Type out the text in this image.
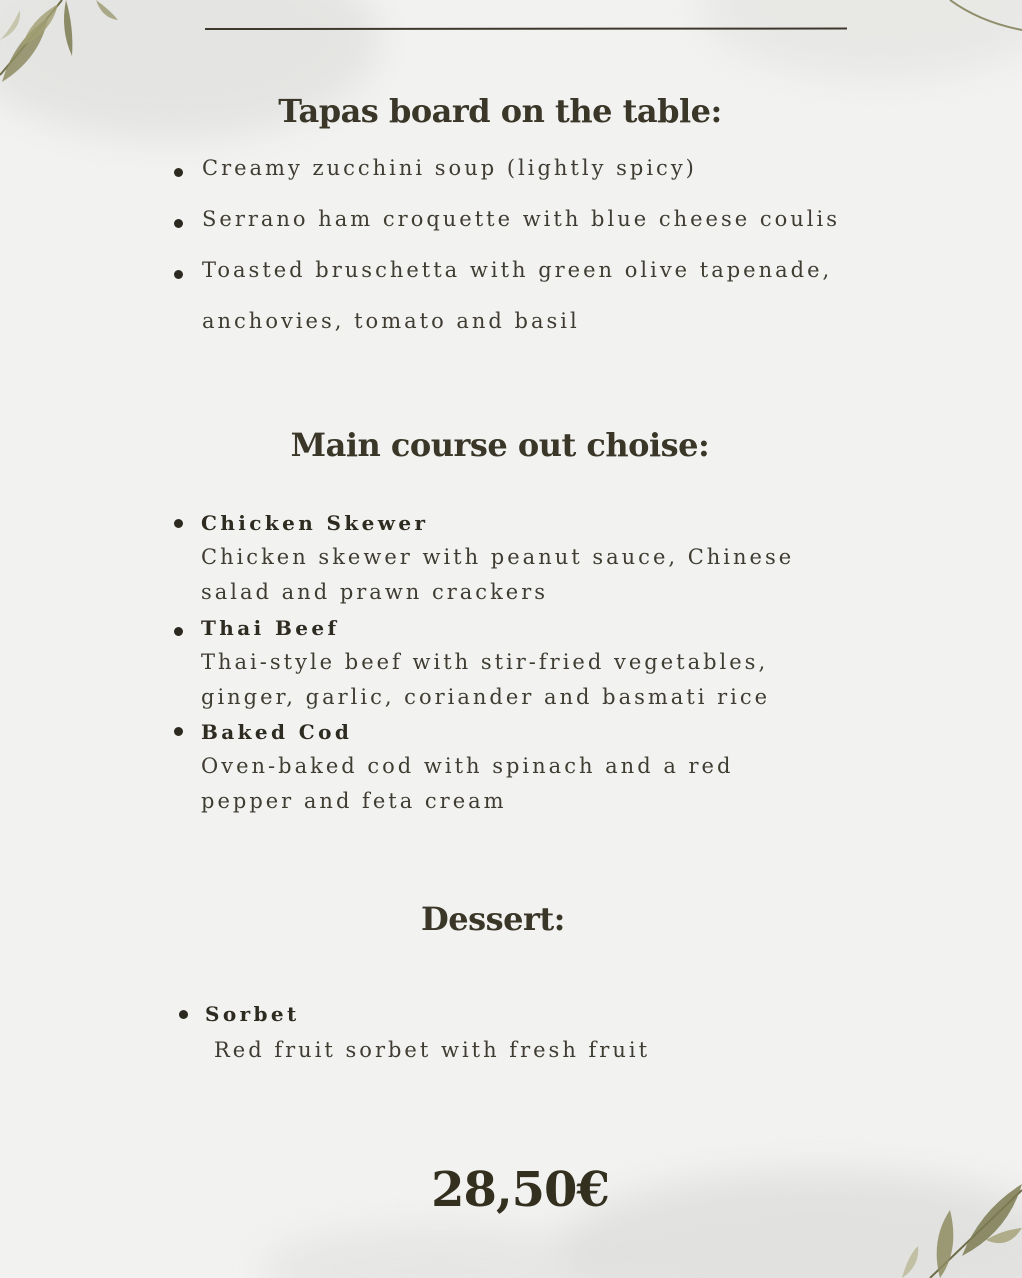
Tapas board on the table:

Creamy zucchini soup (lightly spicy)

Serrano ham croquette with blue cheese coulis

Toasted bruschetta with green olive tapenade,

anchovies, tomato and basil

Main course out choise:

Chicken Skewer

Chicken skewer with peanut sauce, Chinese

salad and prawn crackers

Thai Beef

Thai-style beef with stir-fried vegetables,

ginger, garlic, coriander and basmati rice

Baked Cod

Oven-baked cod with spinach and a red

pepper and feta cream

Dessert:

Sorbet

Red fruit sorbet with fresh fruit

28,50€
